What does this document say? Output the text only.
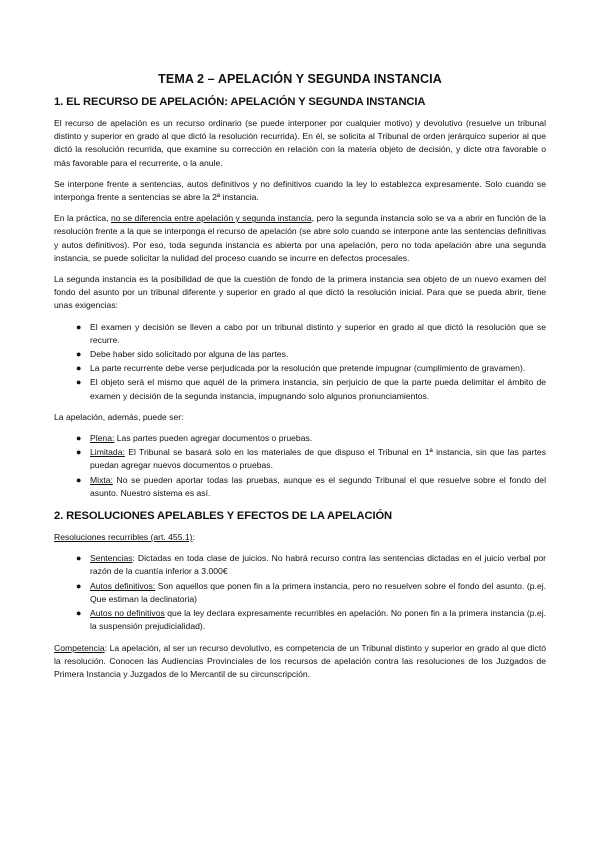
TEMA 2 – APELACIÓN Y SEGUNDA INSTANCIA
1. EL RECURSO DE APELACIÓN: APELACIÓN Y SEGUNDA INSTANCIA

El recurso de apelación es un recurso ordinario (se puede interponer por cualquier motivo) y devolutivo (resuelve un tribunal distinto y superior en grado al que dictó la resolución recurrida). En él, se solicita al Tribunal de orden jerárquico superior al que dictó la resolución recurrida, que examine su corrección en relación con la materia objeto de decisión, y dicte otra favorable o más favorable para el recurrente, o la anule.

Se interpone frente a sentencias, autos definitivos y no definitivos cuando la ley lo establezca expresamente. Solo cuando se interponga frente a sentencias se abre la 2ª instancia.

En la práctica, no se diferencia entre apelación y segunda instancia, pero la segunda instancia solo se va a abrir en función de la resolución frente a la que se interponga el recurso de apelación (se abre solo cuando se interpone ante las sentencias definitivas y autos definitivos). Por eso, toda segunda instancia es abierta por una apelación, pero no toda apelación abre una segunda instancia, se puede solicitar la nulidad del proceso cuando se incurre en defectos procesales.

La segunda instancia es la posibilidad de que la cuestión de fondo de la primera instancia sea objeto de un nuevo examen del fondo del asunto por un tribunal diferente y superior en grado al que dictó la resolución inicial. Para que se pueda abrir, tiene unas exigencias:

● El examen y decisión se lleven a cabo por un tribunal distinto y superior en grado al que dictó la resolución que se recurre.
● Debe haber sido solicitado por alguna de las partes.
● La parte recurrente debe verse perjudicada por la resolución que pretende impugnar (cumplimiento de gravamen).
● El objeto será el mismo que aquél de la primera instancia, sin perjuicio de que la parte pueda delimitar el ámbito de examen y decisión de la segunda instancia, impugnando solo algunos pronunciamientos.

La apelación, además, puede ser:

● Plena: Las partes pueden agregar documentos o pruebas.
● Limitada: El Tribunal se basará solo en los materiales de que dispuso el Tribunal en 1ª instancia, sin que las partes puedan agregar nuevos documentos o pruebas.
● Mixta: No se pueden aportar todas las pruebas, aunque es el segundo Tribunal el que resuelve sobre el fondo del asunto. Nuestro sistema es así.
2. RESOLUCIONES APELABLES Y EFECTOS DE LA APELACIÓN

Resoluciones recurribles (art. 455.1):

● Sentencias: Dictadas en toda clase de juicios. No habrá recurso contra las sentencias dictadas en el juicio verbal por razón de la cuantía inferior a 3.000€
● Autos definitivos: Son aquellos que ponen fin a la primera instancia, pero no resuelven sobre el fondo del asunto. (p.ej. Que estiman la declinatoria)
● Autos no definitivos que la ley declara expresamente recurribles en apelación. No ponen fin a la primera instancia (p.ej. la suspensión prejudicialidad).

Competencia: La apelación, al ser un recurso devolutivo, es competencia de un Tribunal distinto y superior en grado al que dictó la resolución. Conocen las Audiencias Provinciales de los recursos de apelación contra las resoluciones de los Juzgados de Primera Instancia y Juzgados de lo Mercantil de su circunscripción.
